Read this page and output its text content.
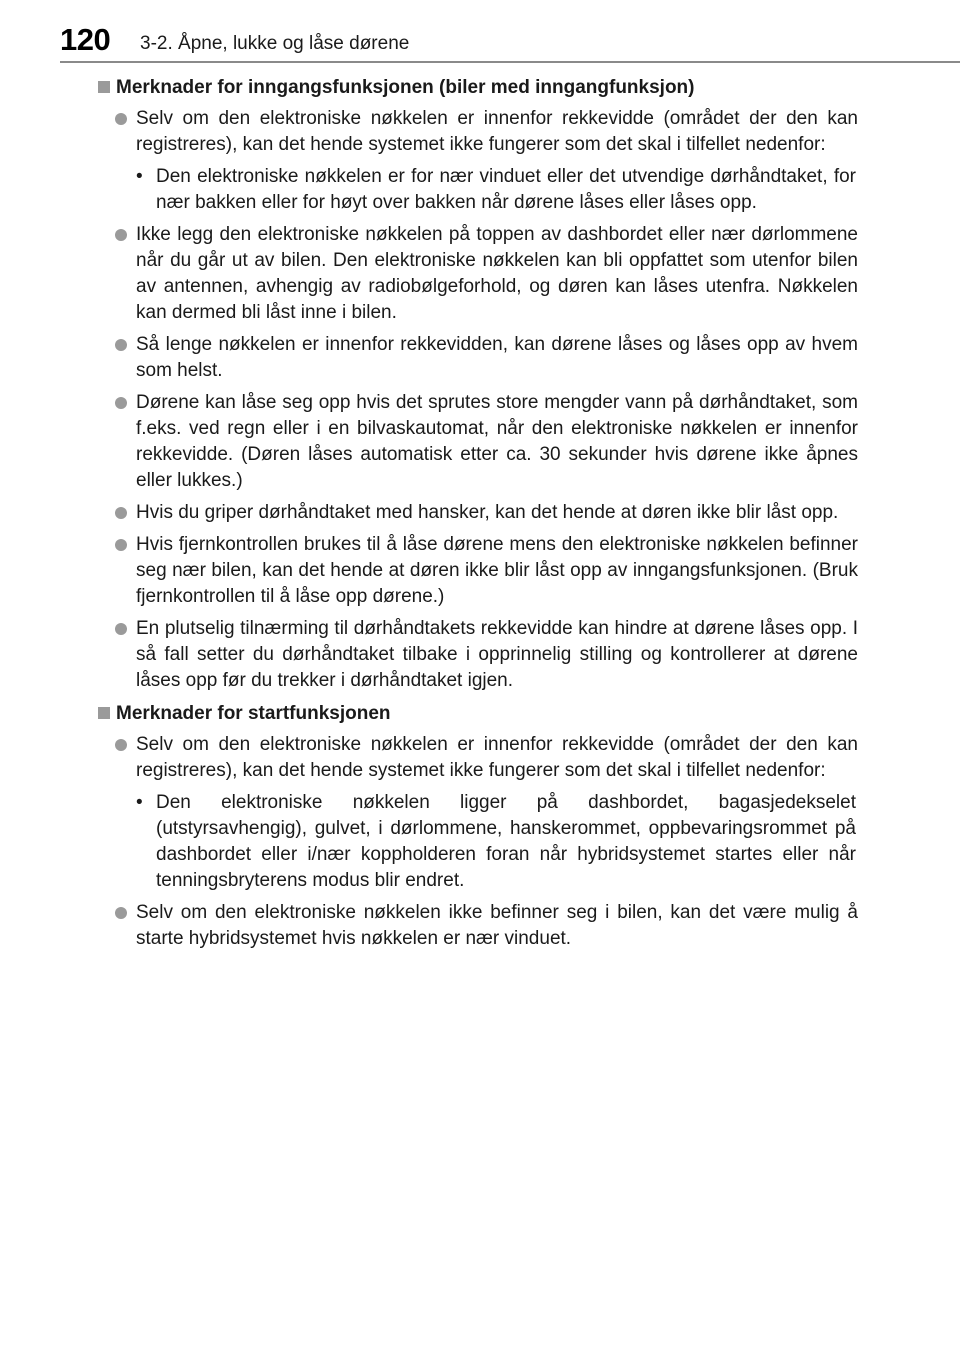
120 3-2. Åpne, lukke og låse dørene
Merknader for inngangsfunksjonen (biler med inngangfunksjon)
Selv om den elektroniske nøkkelen er innenfor rekkevidde (området der den kan registreres), kan det hende systemet ikke fungerer som det skal i tilfellet nedenfor:
• Den elektroniske nøkkelen er for nær vinduet eller det utvendige dørhåndtaket, for nær bakken eller for høyt over bakken når dørene låses eller låses opp.
Ikke legg den elektroniske nøkkelen på toppen av dashbordet eller nær dørlommene når du går ut av bilen. Den elektroniske nøkkelen kan bli oppfattet som utenfor bilen av antennen, avhengig av radiobølgeforhold, og døren kan låses utenfra. Nøkkelen kan dermed bli låst inne i bilen.
Så lenge nøkkelen er innenfor rekkevidden, kan dørene låses og låses opp av hvem som helst.
Dørene kan låse seg opp hvis det sprutes store mengder vann på dørhåndtaket, som f.eks. ved regn eller i en bilvaskautomat, når den elektroniske nøkkelen er innenfor rekkevidde. (Døren låses automatisk etter ca. 30 sekunder hvis dørene ikke åpnes eller lukkes.)
Hvis du griper dørhåndtaket med hansker, kan det hende at døren ikke blir låst opp.
Hvis fjernkontrollen brukes til å låse dørene mens den elektroniske nøkkelen befinner seg nær bilen, kan det hende at døren ikke blir låst opp av inngangsfunksjonen. (Bruk fjernkontrollen til å låse opp dørene.)
En plutselig tilnærming til dørhåndtakets rekkevidde kan hindre at dørene låses opp. I så fall setter du dørhåndtaket tilbake i opprinnelig stilling og kontrollerer at dørene låses opp før du trekker i dørhåndtaket igjen.
Merknader for startfunksjonen
Selv om den elektroniske nøkkelen er innenfor rekkevidde (området der den kan registreres), kan det hende systemet ikke fungerer som det skal i tilfellet nedenfor:
• Den elektroniske nøkkelen ligger på dashbordet, bagasjedekselet (utstyrsavhengig), gulvet, i dørlommene, hanskerommet, oppbevaringsrommet på dashbordet eller i/nær koppholderen foran når hybridsystemet startes eller når tenningsbryterens modus blir endret.
Selv om den elektroniske nøkkelen ikke befinner seg i bilen, kan det være mulig å starte hybridsystemet hvis nøkkelen er nær vinduet.
